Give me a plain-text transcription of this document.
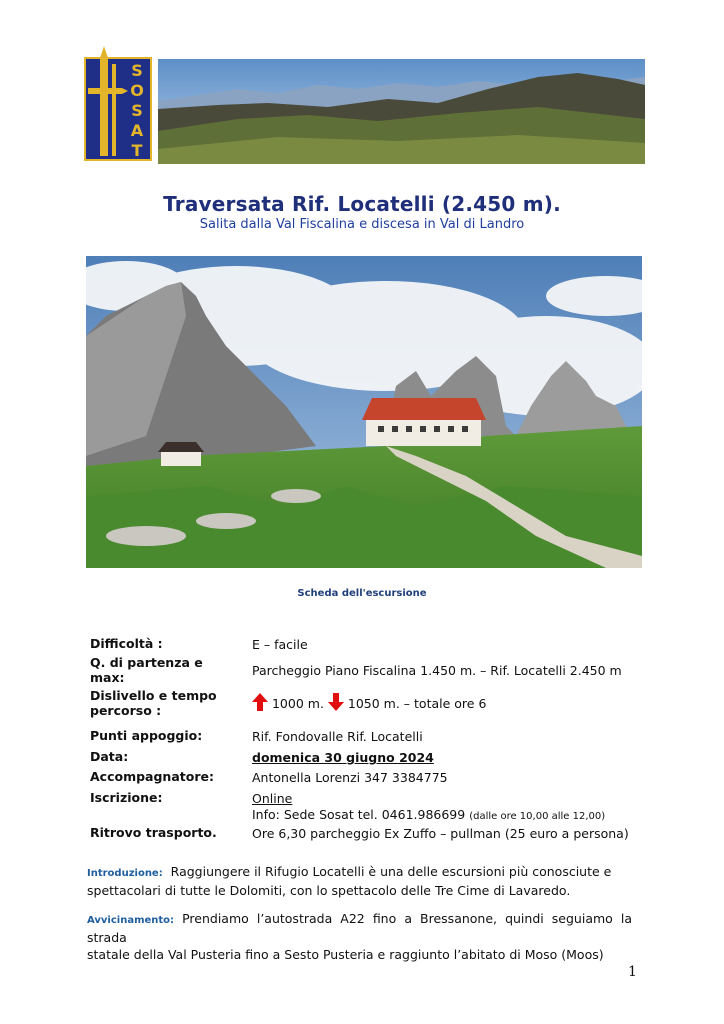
S
O
S
A
T
Traversata Rif. Locatelli (2.450 m).
Salita dalla Val Fiscalina e discesa in Val di Landro
Scheda dell'escursione
Difficoltà :	E – facile
Q. di partenza e
max:	Parcheggio Piano Fiscalina 1.450 m. – Rif. Locatelli 2.450 m
Dislivello e tempo
percorso :	1000 m. 1050 m. – totale ore 6
Punti appoggio:	Rif. Fondovalle Rif. Locatelli
Data:	domenica 30 giugno 2024
Accompagnatore:	Antonella Lorenzi 347 3384775
Iscrizione:	Online
Info: Sede Sosat tel. 0461.986699 (dalle ore 10,00 alle 12,00)
Ritrovo trasporto.	Ore 6,30 parcheggio Ex Zuffo – pullman (25 euro a persona)
Introduzione: Raggiungere il Rifugio Locatelli è una delle escursioni più conosciute e
spettacolari di tutte le Dolomiti, con lo spettacolo delle Tre Cime di Lavaredo.
Avvicinamento: Prendiamo l’autostrada A22 fino a Bressanone, quindi seguiamo la strada
statale della Val Pusteria fino a Sesto Pusteria e raggiunto l’abitato di Moso (Moos)
1
